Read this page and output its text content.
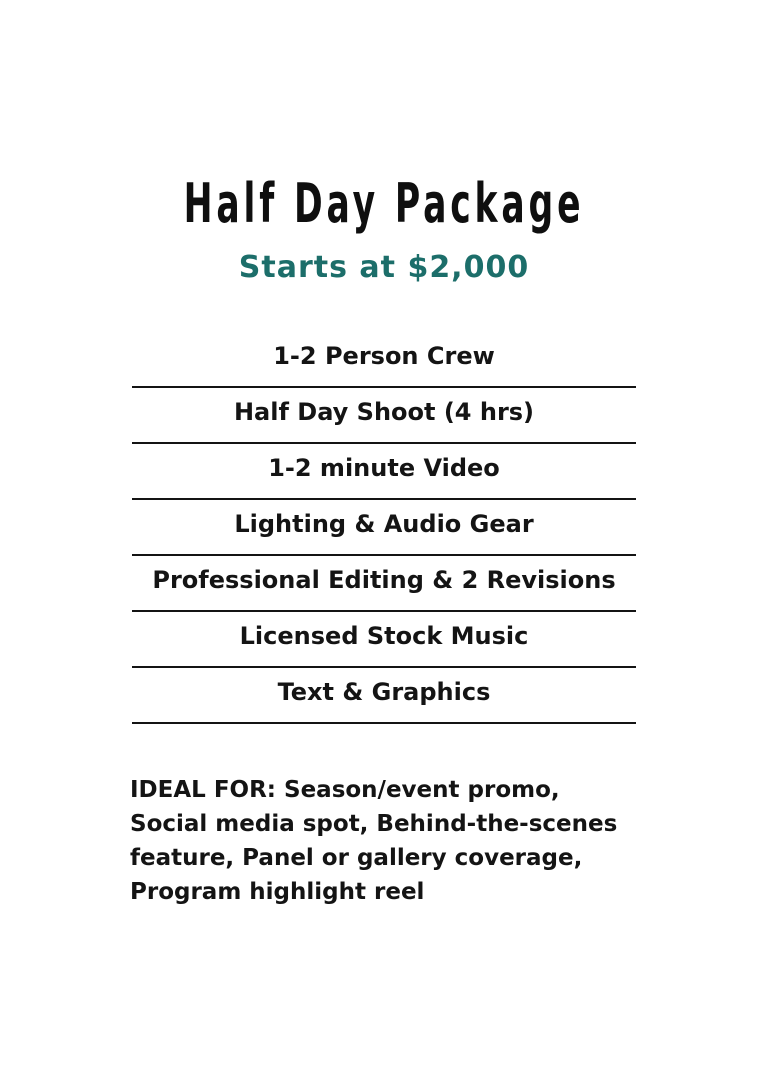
Half Day Package
Starts at $2,000
1-2 Person Crew
Half Day Shoot (4 hrs)
1-2 minute Video
Lighting & Audio Gear
Professional Editing & 2 Revisions
Licensed Stock Music
Text & Graphics
IDEAL FOR: Season/event promo,
Social media spot, Behind-the-scenes
feature, Panel or gallery coverage,
Program highlight reel
